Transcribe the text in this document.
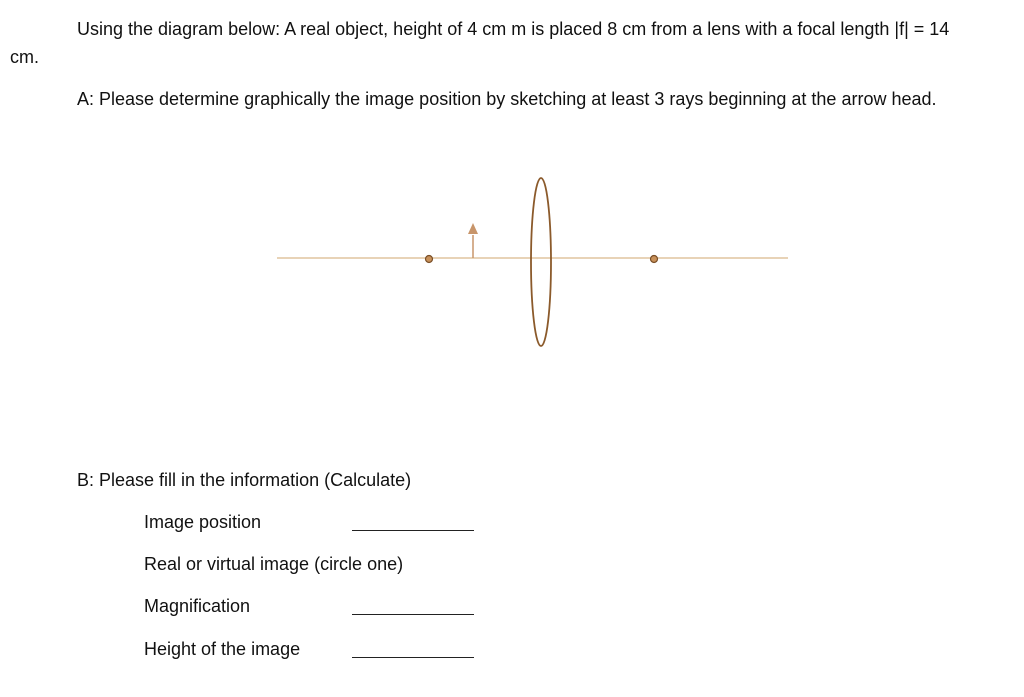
Using the diagram below: A real object, height of 4 cm m is placed 8 cm from a lens with a focal length |f| = 14
cm.
A: Please determine graphically the image position by sketching at least 3 rays beginning at the arrow head.
B: Please fill in the information (Calculate)
Image position
Real or virtual image (circle one)
Magnification
Height of the image
